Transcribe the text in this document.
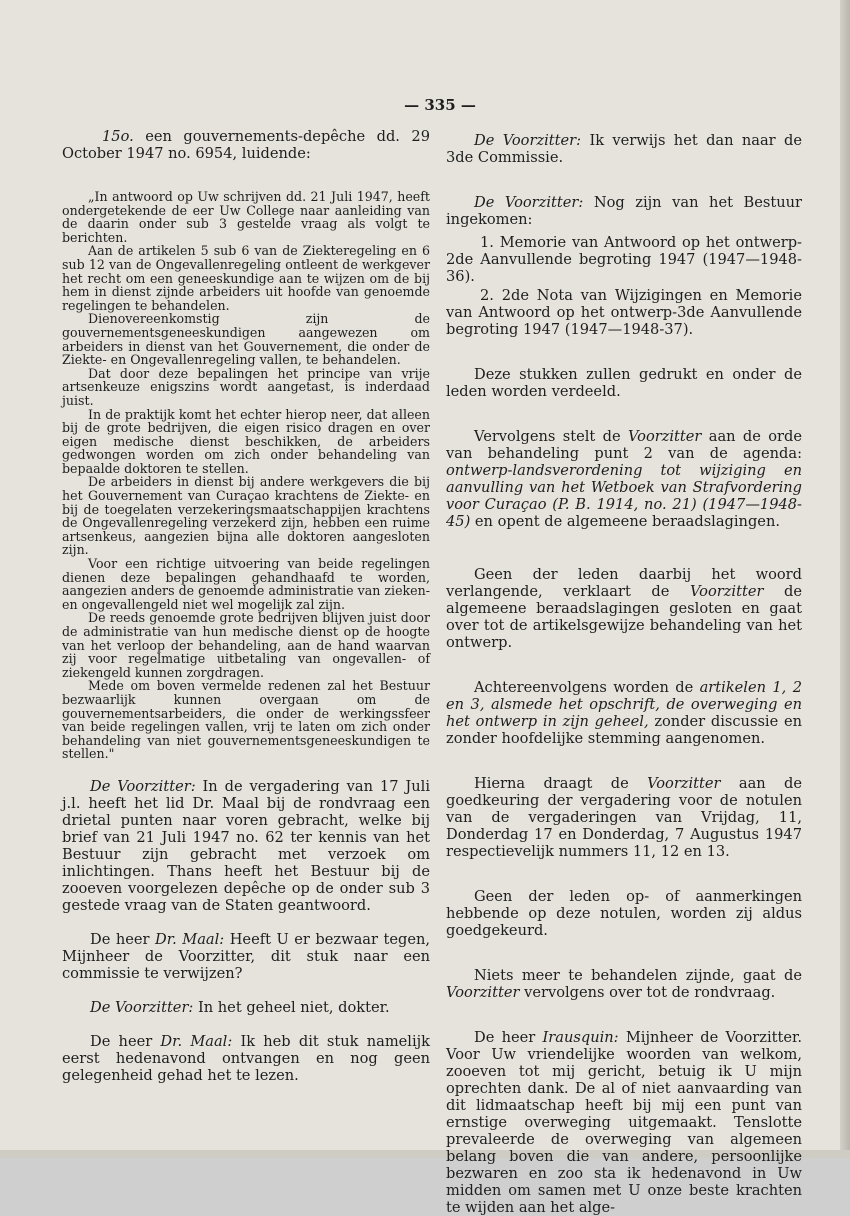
— 335 —

15o. een gouvernements-depêche dd. 29 October 1947 no. 6954, luidende:

„In antwoord op Uw schrijven dd. 21 Juli 1947, heeft ondergetekende de eer Uw College naar aanleiding van de daarin onder sub 3 gestelde vraag als volgt te berichten.

Aan de artikelen 5 sub 6 van de Ziekteregeling en 6 sub 12 van de Ongevallenregeling ontleent de werkgever het recht om een geneeskundige aan te wijzen om de bij hem in dienst zijnde arbeiders uit hoofde van genoemde regelingen te behandelen.

Dienovereenkomstig zijn de gouvernementsgeneeskundigen aangewezen om arbeiders in dienst van het Gouvernement, die onder de Ziekte- en Ongevallenregeling vallen, te behandelen.

Dat door deze bepalingen het principe van vrije artsenkeuze enigszins wordt aangetast, is inderdaad juist.

In de praktijk komt het echter hierop neer, dat alleen bij de grote bedrijven, die eigen risico dragen en over eigen medische dienst beschikken, de arbeiders gedwongen worden om zich onder behandeling van bepaalde doktoren te stellen.

De arbeiders in dienst bij andere werkgevers die bij het Gouvernement van Curaçao krachtens de Ziekte- en bij de toegelaten verzekeringsmaatschappijen krachtens de Ongevallenregeling verzekerd zijn, hebben een ruime artsenkeus, aangezien bijna alle doktoren aangesloten zijn.

Voor een richtige uitvoering van beide regelingen dienen deze bepalingen gehandhaafd te worden, aangezien anders de genoemde administratie van zieken- en ongevallengeld niet wel mogelijk zal zijn.

De reeds genoemde grote bedrijven blijven juist door de administratie van hun medische dienst op de hoogte van het verloop der behandeling, aan de hand waarvan zij voor regelmatige uitbetaling van ongevallen- of ziekengeld kunnen zorgdragen.

Mede om boven vermelde redenen zal het Bestuur bezwaarlijk kunnen overgaan om de gouvernementsarbeiders, die onder de werkingssfeer van beide regelingen vallen, vrij te laten om zich onder behandeling van niet gouvernementsgeneeskundigen te stellen."

De Voorzitter: In de vergadering van 17 Juli j.l. heeft het lid Dr. Maal bij de rondvraag een drietal punten naar voren gebracht, welke bij brief van 21 Juli 1947 no. 62 ter kennis van het Bestuur zijn gebracht met verzoek om inlichtingen. Thans heeft het Bestuur bij de zooeven voorgelezen depêche op de onder sub 3 gestede vraag van de Staten geantwoord.

De heer Dr. Maal: Heeft U er bezwaar tegen, Mijnheer de Voorzitter, dit stuk naar een commissie te verwijzen?

De Voorzitter: In het geheel niet, dokter.

De heer Dr. Maal: Ik heb dit stuk namelijk eerst hedenavond ontvangen en nog geen gelegenheid gehad het te lezen.

De Voorzitter: Ik verwijs het dan naar de 3de Commissie.

De Voorzitter: Nog zijn van het Bestuur ingekomen:

1. Memorie van Antwoord op het ontwerp-2de Aanvullende begroting 1947 (1947—1948-36).

2. 2de Nota van Wijzigingen en Memorie van Antwoord op het ontwerp-3de Aanvullende begroting 1947 (1947—1948-37).

Deze stukken zullen gedrukt en onder de leden worden verdeeld.

Vervolgens stelt de Voorzitter aan de orde van behandeling punt 2 van de agenda: ontwerp-landsverordening tot wijziging en aanvulling van het Wetboek van Strafvordering voor Curaçao (P. B. 1914, no. 21) (1947—1948-45) en opent de algemeene beraadslagingen.

Geen der leden daarbij het woord verlangende, verklaart de Voorzitter de algemeene beraadslagingen gesloten en gaat over tot de artikelsgewijze behandeling van het ontwerp.

Achtereenvolgens worden de artikelen 1, 2 en 3, alsmede het opschrift, de overweging en het ontwerp in zijn geheel, zonder discussie en zonder hoofdelijke stemming aangenomen.

Hierna draagt de Voorzitter aan de goedkeuring der vergadering voor de notulen van de vergaderingen van Vrijdag, 11, Donderdag 17 en Donderdag, 7 Augustus 1947 respectievelijk nummers 11, 12 en 13.

Geen der leden op- of aanmerkingen hebbende op deze notulen, worden zij aldus goedgekeurd.

Niets meer te behandelen zijnde, gaat de Voorzitter vervolgens over tot de rondvraag.

De heer Irausquin: Mijnheer de Voorzitter. Voor Uw vriendelijke woorden van welkom, zooeven tot mij gericht, betuig ik U mijn oprechten dank. De al of niet aanvaarding van dit lidmaatschap heeft bij mij een punt van ernstige overweging uitgemaakt. Tenslotte prevaleerde de overweging van algemeen belang boven die van andere, persoonlijke bezwaren en zoo sta ik hedenavond in Uw midden om samen met U onze beste krachten te wijden aan het alge-
